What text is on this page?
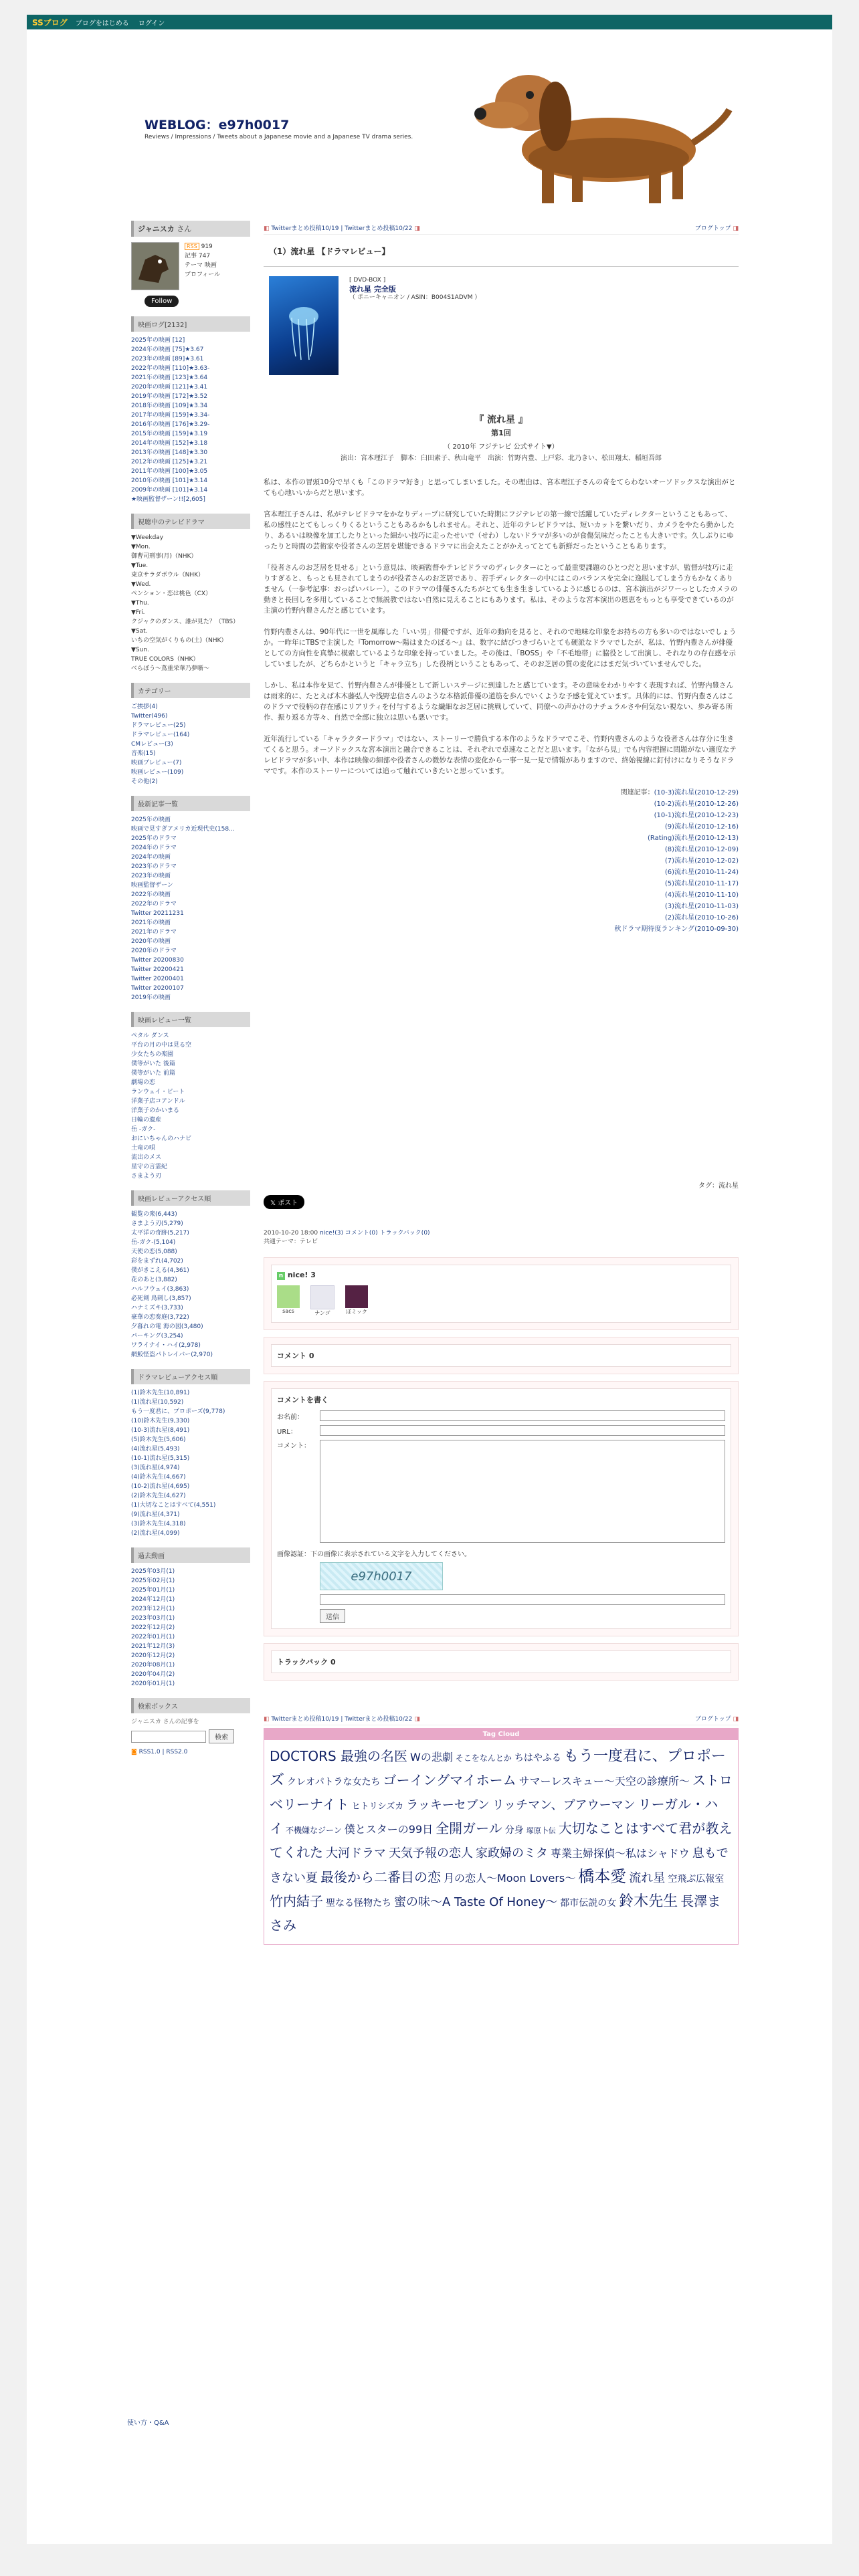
SSブログ ブログをはじめる ログイン
WEBLOG：e97h0017
Reviews / Impressions / Tweets about a Japanese movie and a Japanese TV drama series.
ジャニスカ さん
RSS 919
記事 747
テーマ 映画
プロフィール
Follow
映画ログ[2132]
2025年の映画 [12]
2024年の映画 [75]★3.67
2023年の映画 [89]★3.61
2022年の映画 [110]★3.63-
2021年の映画 [123]★3.64
2020年の映画 [121]★3.41
2019年の映画 [172]★3.52
2018年の映画 [109]★3.34
2017年の映画 [159]★3.34-
2016年の映画 [176]★3.29-
2015年の映画 [159]★3.19
2014年の映画 [152]★3.18
2013年の映画 [148]★3.30
2012年の映画 [125]★3.21
2011年の映画 [100]★3.05
2010年の映画 [101]★3.14
2009年の映画 [101]★3.14
★映画監督ザーン!![2,605]
視聴中のテレビドラマ
▼Weekday
▼Mon.
御曹司刑事(月)（NHK）
▼Tue.
東京サラダボウル（NHK）
▼Wed.
ペンション・恋は桃色（CX）
▼Thu.
▼Fri.
クジャクのダンス、誰が見た？（TBS）
▼Sat.
いちの空気がくりもの(土)（NHK）
▼Sun.
TRUE COLORS（NHK）
べらぼう〜蔦重栄華乃夢噺〜
カテゴリー
ご挨拶(4)
Twitter(496)
ドラマレビュー(25)
ドラマレビュー(164)
CMレビュー(3)
音楽(15)
映画プレビュー(7)
映画レビュー(109)
その他(2)
最新記事一覧
2025年の映画
映画で見すぎアメリカ近現代史(158...
2025年のドラマ
2024年のドラマ
2024年の映画
2023年のドラマ
2023年の映画
映画監督ザーン
2022年の映画
2022年のドラマ
Twitter 20211231
2021年の映画
2021年のドラマ
2020年の映画
2020年のドラマ
Twitter 20200830
Twitter 20200421
Twitter 20200401
Twitter 20200107
2019年の映画
映画レビュー一覧
ペタル ダンス
平台の月の中は見る空
少女たちの楽園
僕等がいた 後篇
僕等がいた 前篇
劇場の恋
ランウェイ・ビート
洋菓子店コアンドル
洋菓子のかいまる
日輪の遺産
岳 -ガク-
おにいちゃんのハナビ
土竜の唄
流出のメス
星守の言霊紀
さまよう刃
映画レビューアクセス順
観覧の衆(6,443)
さまよう刃(5,279)
太平洋の奇跡(5,217)
岳-ガク-(5,104)
天使の恋(5,088)
彩をまずれ(4,702)
僕がきこえる(4,361)
花のあと(3,882)
ハルフウェイ(3,863)
必死剣 鳥刺し(3,857)
ハナミズキ(3,733)
豪華の恋奏庭(3,722)
夕暮れの電 海の図(3,480)
パーキング(3,254)
ワライナイ・ハイ(2,978)
網鮫怪盗パトレイバー(2,970)
ドラマレビューアクセス順
(1)鈴木先生(10,891)
(1)流れ星(10,592)
もう一度君に、プロポーズ(9,778)
(10)鈴木先生(9,330)
(10-3)流れ星(8,491)
(5)鈴木先生(5,606)
(4)流れ星(5,493)
(10-1)流れ星(5,315)
(3)流れ星(4,974)
(4)鈴木先生(4,667)
(10-2)流れ星(4,695)
(2)鈴木先生(4,627)
(1)大切なことはすべて(4,551)
(9)流れ星(4,371)
(3)鈴木先生(4,318)
(2)流れ星(4,099)
過去動画
2025年03月(1)
2025年02月(1)
2025年01月(1)
2024年12月(1)
2023年12月(1)
2023年03月(1)
2022年12月(2)
2022年01月(1)
2021年12月(3)
2020年12月(2)
2020年08月(1)
2020年04月(2)
2020年01月(1)
検索ボックス
ジャニスカ さんの記事を
検索
◙ RSS1.0 | RSS2.0
使い方・Q&A
◧ Twitterまとめ投稿10/19 | Twitterまとめ投稿10/22 ◨	ブログトップ ◨
（1）流れ星 【ドラマレビュー】
[ DVD-BOX ]
流れ星 完全版
（ ポニーキャニオン / ASIN：B004S1ADVM ）
『 流れ星 』
第1回
（ 2010年 フジテレビ 公式サイト▼）
演出：宮本理江子　脚本：臼田素子、秋山竜平　出演：竹野内豊、上戸彩、北乃きい、松田翔太、稲垣吾郎

私は、本作の冒頭10分で早くも「このドラマ好き」と思ってしまいました。その理由は、宮本理江子さんの奇をてらわないオーソドックスな演出がとても心地いいからだと思います。

宮本理江子さんは、私がテレビドラマをかなりディープに研究していた時期にフジテレビの第一線で活躍していたディレクターということもあって、私の感性にとてもしっくりくるということもあるかもしれません。それと、近年のテレビドラマは、短いカットを繋いだり、カメラをやたら動かしたり、あるいは映像を加工したりといった細かい技巧に走ったせいで（せわ）しないドラマが多いのが食傷気味だったことも大きいです。久しぶりにゆったりと時間の芸術家や役者さんの芝居を堪能できるドラマに出会えたことがかえってとても新鮮だったということもあります。

「役者さんのお芝居を見せる」という意見は、映画監督やテレビドラマのディレクターにとって最重要課題のひとつだと思いますが、監督が技巧に走りすぎると、もっとも見されてしまうのが役者さんのお芝居であり、若手ディレクターの中にはこのバランスを完全に逸脱してしまう方もかなくありません（一参考記事：おっぱいバレー）。このドラマの俳優さんたちがとても生き生きしているように感じるのは、宮本演出がジワーっとしたカメラの動きと長回しを多用していることで無説教ではない自然に見えることにもあります。私は、そのような宮本演出の恩恵をもっとも享受できているのが主演の竹野内豊さんだと感じています。

竹野内豊さんは、90年代に一世を風靡した「いい男」俳優ですが、近年の動向を見ると、それので地味な印象をお持ちの方も多いのではないでしょうか。一昨年にTBSで主演した『Tomorrow〜陽はまたのぼる〜』は、数字に結びつきづらいとても硬派なドラマでしたが、私は、竹野内豊さんが俳優としての方向性を真摯に模索しているような印象を持っていました。その後は、「BOSS」や「不毛地帯」に脇役として出演し、それなりの存在感を示していましたが、どちらかというと「キャラ立ち」した役柄ということもあって、そのお芝居の質の変化にはまだ気づいていませんでした。

しかし、私は本作を見て、竹野内豊さんが俳優として新しいステージに到達したと感じています。その意味をわかりやすく表現すれば、竹野内豊さんは雨来的に、たとえば木木藤弘人や浅野忠信さんのような本格派俳優の道筋を歩んでいくような予感を覚えています。具体的には、竹野内豊さんはこのドラマで役柄の存在感にリアリティを付与するような繊細なお芝居に挑戦していて、同僚への声かけのナチュラルさや何気ない視ない、歩み寄る所作、振り返る方等々、自然で全部に独立は思いも悪いです。

近年流行している「キャラクタードラマ」ではない、ストーリーで勝負する本作のようなドラマでこそ、竹野内豊さんのような役者さんは存分に生きてくると思う。オーソドックスな宮本演出と融合できることは、それぞれで卓速なことだと思います。「ながら見」でも内容把握に問題がない適度なテレビドラマが多い中、本作は映像の細部や役者さんの微妙な表情の変化から一事一見一見で情報がありますので、終始視線に釘付けになりそうなドラマです。本作のストーリーについては追って触れていきたいと思っています。

関連記事：(10-3)流れ星(2010-12-29)
(10-2)流れ星(2010-12-26)
(10-1)流れ星(2010-12-23)
(9)流れ星(2010-12-16)
(Rating)流れ星(2010-12-13)
(8)流れ星(2010-12-09)
(7)流れ星(2010-12-02)
(6)流れ星(2010-11-24)
(5)流れ星(2010-11-17)
(4)流れ星(2010-11-10)
(3)流れ星(2010-11-03)
(2)流れ星(2010-10-26)
秋ドラマ期待度ランキング(2010-09-30)
タグ：流れ星
𝕏 ポスト
2010-10-20 18:00 nice!(3) コメント(0) トラックバック(0)
共通テーマ：テレビ
n nice! 3
sacs	ナンゴ	ぽミック
コメント 0
コメントを書く
お名前：
URL：
コメント：
画像認証：下の画像に表示されている文字を入力してください。
e97h0017
送信
トラックバック 0
◧ Twitterまとめ投稿10/19 | Twitterまとめ投稿10/22 ◨	ブログトップ ◨
Tag Cloud
DOCTORS 最強の名医 Wの悲劇 そこをなんとか ちはやふる もう一度君に、プロポーズ クレオパトラな女たち ゴーイングマイホーム サマーレスキュー〜天空の診療所〜 ストロベリーナイト ヒトリシズカ ラッキーセブン リッチマン、プアウーマン リーガル・ハイ 不機嫌なジーン 僕とスターの99日 全開ガール 分身 塚原卜伝 大切なことはすべて君が教えてくれた 大河ドラマ 天気予報の恋人 家政婦のミタ 専業主婦探偵〜私はシャドウ 息もできない夏 最後から二番目の恋 月の恋人〜Moon Lovers〜 橋本愛 流れ星 空飛ぶ広報室竹内結子 聖なる怪物たち 蜜の味〜A Taste Of Honey〜 都市伝説の女 鈴木先生 長澤まさみ
